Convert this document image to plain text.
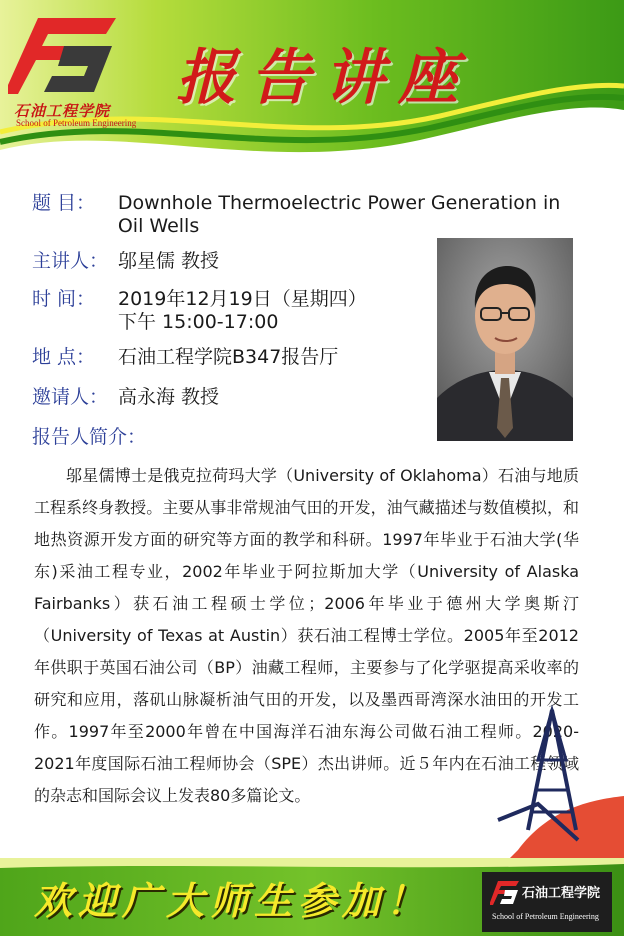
石油工程学院
School of Petroleum Engineering
报告讲座
题 目：	Downhole Thermoelectric Power Generation in Oil Wells
主讲人： 邬星儒 教授
时 间：	2019年12月19日（星期四）
下午 15:00-17:00
地 点：	石油工程学院B347报告厅
邀请人： 高永海 教授
报告人简介：
邬星儒博士是俄克拉荷玛大学（University of Oklahoma）石油与地质工程系终身教授。主要从事非常规油气田的开发，油气藏描述与数值模拟，和地热资源开发方面的研究等方面的教学和科研。1997年毕业于石油大学(华东)采油工程专业，2002年毕业于阿拉斯加大学（University of Alaska Fairbanks）获石油工程硕士学位；2006年毕业于德州大学奥斯汀（University of Texas at Austin）获石油工程博士学位。2005年至2012年供职于英国石油公司（BP）油藏工程师，主要参与了化学驱提高采收率的研究和应用，落矶山脉凝析油气田的开发，以及墨西哥湾深水油田的开发工作。1997年至2000年曾在中国海洋石油东海公司做石油工程师。2020-2021年度国际石油工程师协会（SPE）杰出讲师。近５年内在石油工程领域的杂志和国际会议上发表80多篇论文。
欢迎广大师生参加！	石油工程学院
School of Petroleum Engineering
